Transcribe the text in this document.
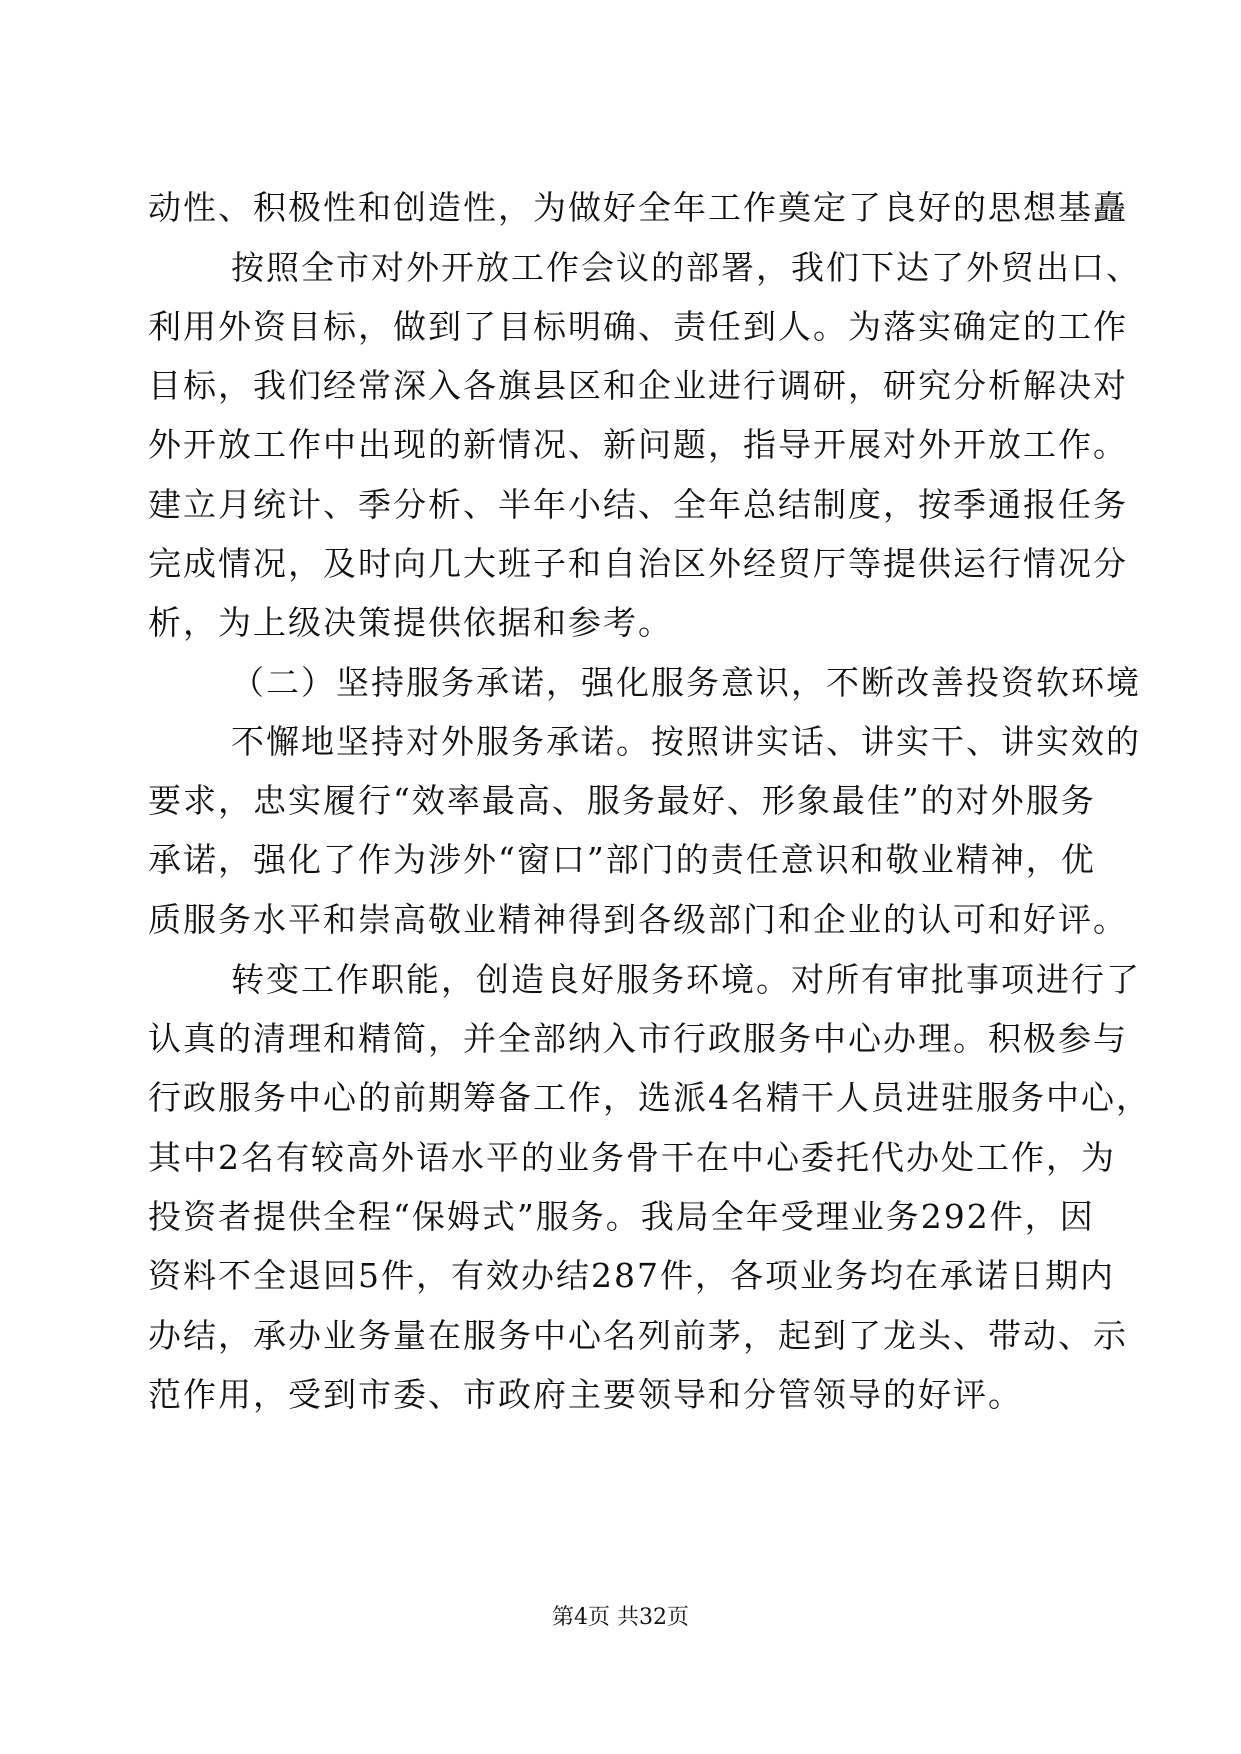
动性、积极性和创造性，为做好全年工作奠定了良好的思想基矗
按照全市对外开放工作会议的部署，我们下达了外贸出口、
利用外资目标，做到了目标明确、责任到人。为落实确定的工作
目标，我们经常深入各旗县区和企业进行调研，研究分析解决对
外开放工作中出现的新情况、新问题，指导开展对外开放工作。
建立月统计、季分析、半年小结、全年总结制度，按季通报任务
完成情况，及时向几大班子和自治区外经贸厅等提供运行情况分
析，为上级决策提供依据和参考。
（二）坚持服务承诺，强化服务意识，不断改善投资软环境
不懈地坚持对外服务承诺。按照讲实话、讲实干、讲实效的
要求，忠实履行“效率最高、服务最好、形象最佳”的对外服务
承诺，强化了作为涉外“窗口”部门的责任意识和敬业精神，优
质服务水平和崇高敬业精神得到各级部门和企业的认可和好评。
转变工作职能，创造良好服务环境。对所有审批事项进行了
认真的清理和精简，并全部纳入市行政服务中心办理。积极参与
行政服务中心的前期筹备工作，选派4名精干人员进驻服务中心，
其中2名有较高外语水平的业务骨干在中心委托代办处工作，为
投资者提供全程“保姆式”服务。我局全年受理业务292件，因
资料不全退回5件，有效办结287件，各项业务均在承诺日期内
办结，承办业务量在服务中心名列前茅，起到了龙头、带动、示
范作用，受到市委、市政府主要领导和分管领导的好评。
第4页 共32页
